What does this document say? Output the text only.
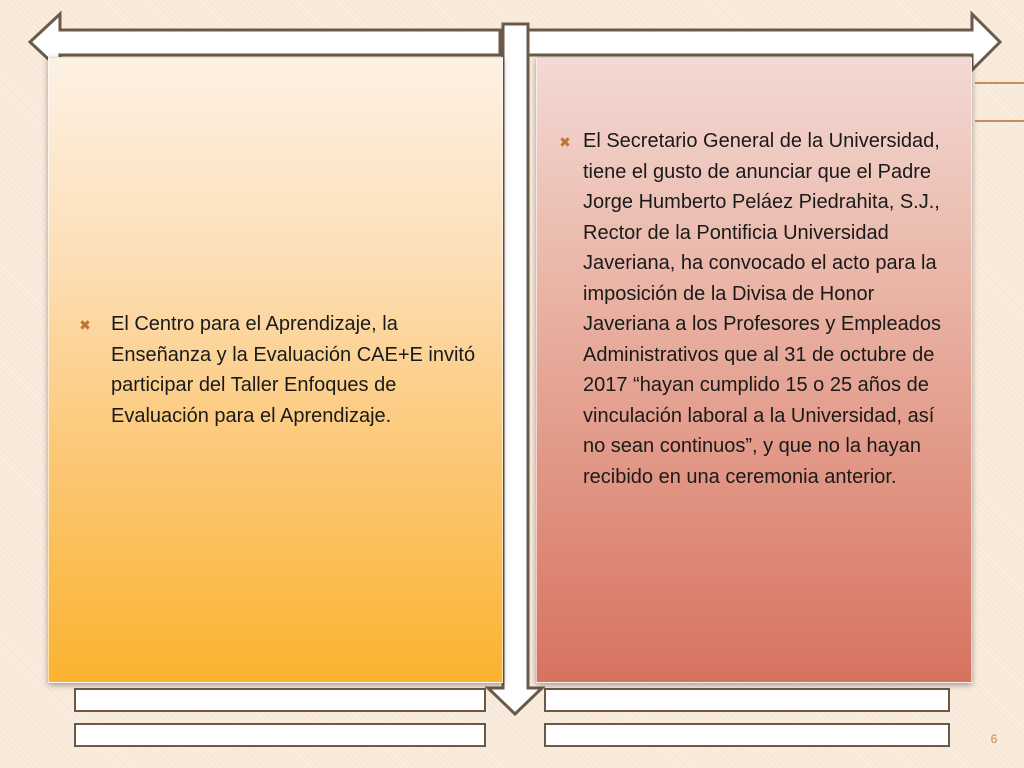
✖ El Centro para el Aprendizaje, la Enseñanza y la Evaluación CAE+E invitó participar del Taller Enfoques de Evaluación para el Aprendizaje.

✖ El Secretario General de la Universidad, tiene el gusto de anunciar que el Padre Jorge Humberto Peláez Piedrahita, S.J., Rector de la Pontificia Universidad Javeriana, ha convocado el acto para la imposición de la Divisa de Honor Javeriana a los Profesores y Empleados Administrativos que al 31 de octubre de 2017 “hayan cumplido 15 o 25 años de vinculación laboral a la Universidad, así no sean continuos”, y que no la hayan recibido en una ceremonia anterior.

6
